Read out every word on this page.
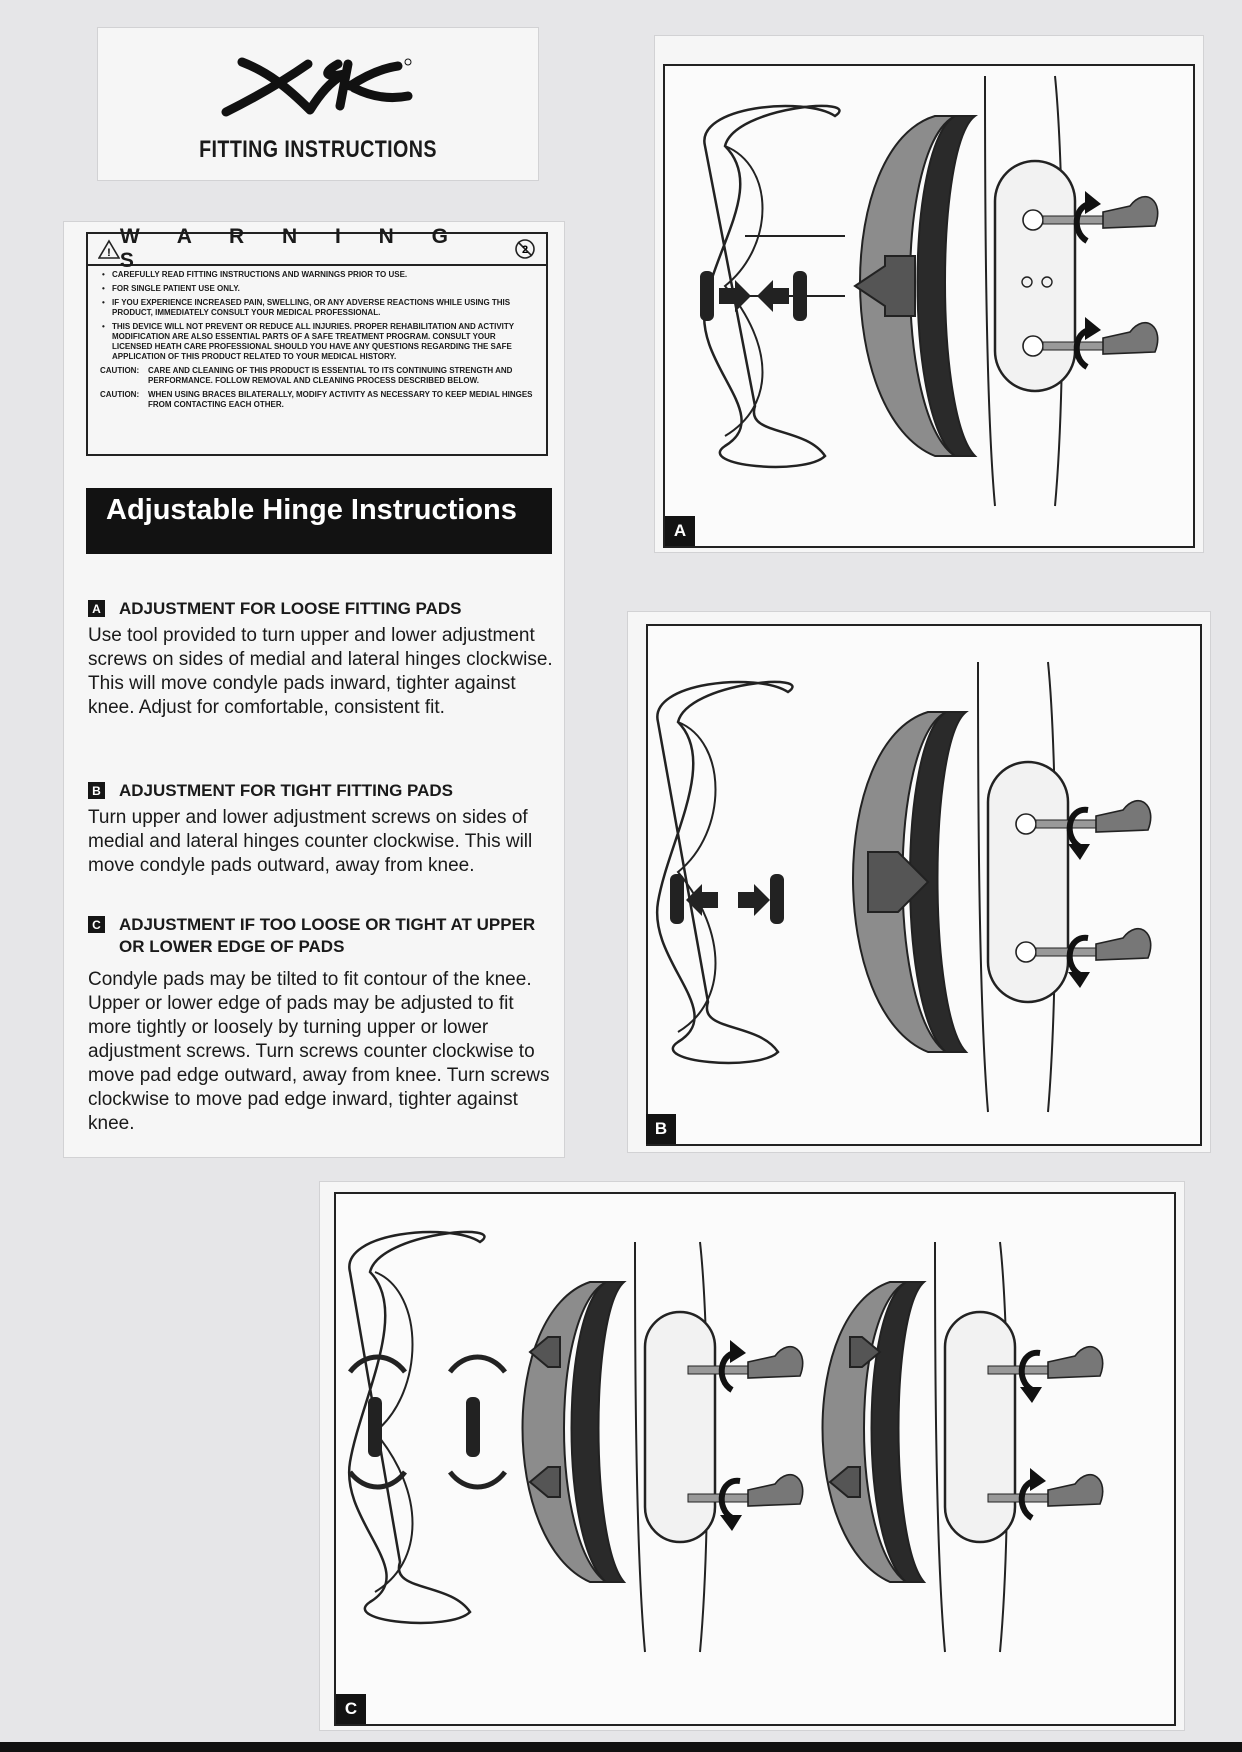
FITTING INSTRUCTIONS
!
W A R N I N G S	2
• CAREFULLY READ FITTING INSTRUCTIONS AND WARNINGS PRIOR TO USE.
• FOR SINGLE PATIENT USE ONLY.
• IF YOU EXPERIENCE INCREASED PAIN, SWELLING, OR ANY ADVERSE REACTIONS WHILE USING THIS PRODUCT, IMMEDIATELY CONSULT YOUR MEDICAL PROFESSIONAL.
• THIS DEVICE WILL NOT PREVENT OR REDUCE ALL INJURIES. PROPER REHABILITATION AND ACTIVITY MODIFICATION ARE ALSO ESSENTIAL PARTS OF A SAFE TREATMENT PROGRAM. CONSULT YOUR LICENSED HEATH CARE PROFESSIONAL SHOULD YOU HAVE ANY QUESTIONS REGARDING THE SAFE APPLICATION OF THIS PRODUCT RELATED TO YOUR MEDICAL HISTORY.
CAUTION:	CARE AND CLEANING OF THIS PRODUCT IS ESSENTIAL TO ITS CONTINUING STRENGTH AND PERFORMANCE. FOLLOW REMOVAL AND CLEANING PROCESS DESCRIBED BELOW.
CAUTION:	WHEN USING BRACES BILATERALLY, MODIFY ACTIVITY AS NECESSARY TO KEEP MEDIAL HINGES FROM CONTACTING EACH OTHER.
Adjustable Hinge Instructions
A ADJUSTMENT FOR LOOSE FITTING PADS
Use tool provided to turn upper and lower adjustment screws on sides of medial and lateral hinges clockwise. This will move condyle pads inward, tighter against knee. Adjust for comfortable, consistent fit.
B ADJUSTMENT FOR TIGHT FITTING PADS
Turn upper and lower adjustment screws on sides of medial and lateral hinges counter clockwise. This will move condyle pads outward, away from knee.
C ADJUSTMENT IF TOO LOOSE OR TIGHT AT UPPER OR LOWER EDGE OF PADS
Condyle pads may be tilted to fit contour of the knee. Upper or lower edge of pads may be adjusted to fit more tightly or loosely by turning upper or lower adjustment screws. Turn screws counter clockwise to move pad edge outward, away from knee. Turn screws clockwise to move pad edge inward, tighter against knee.
A
B
C
